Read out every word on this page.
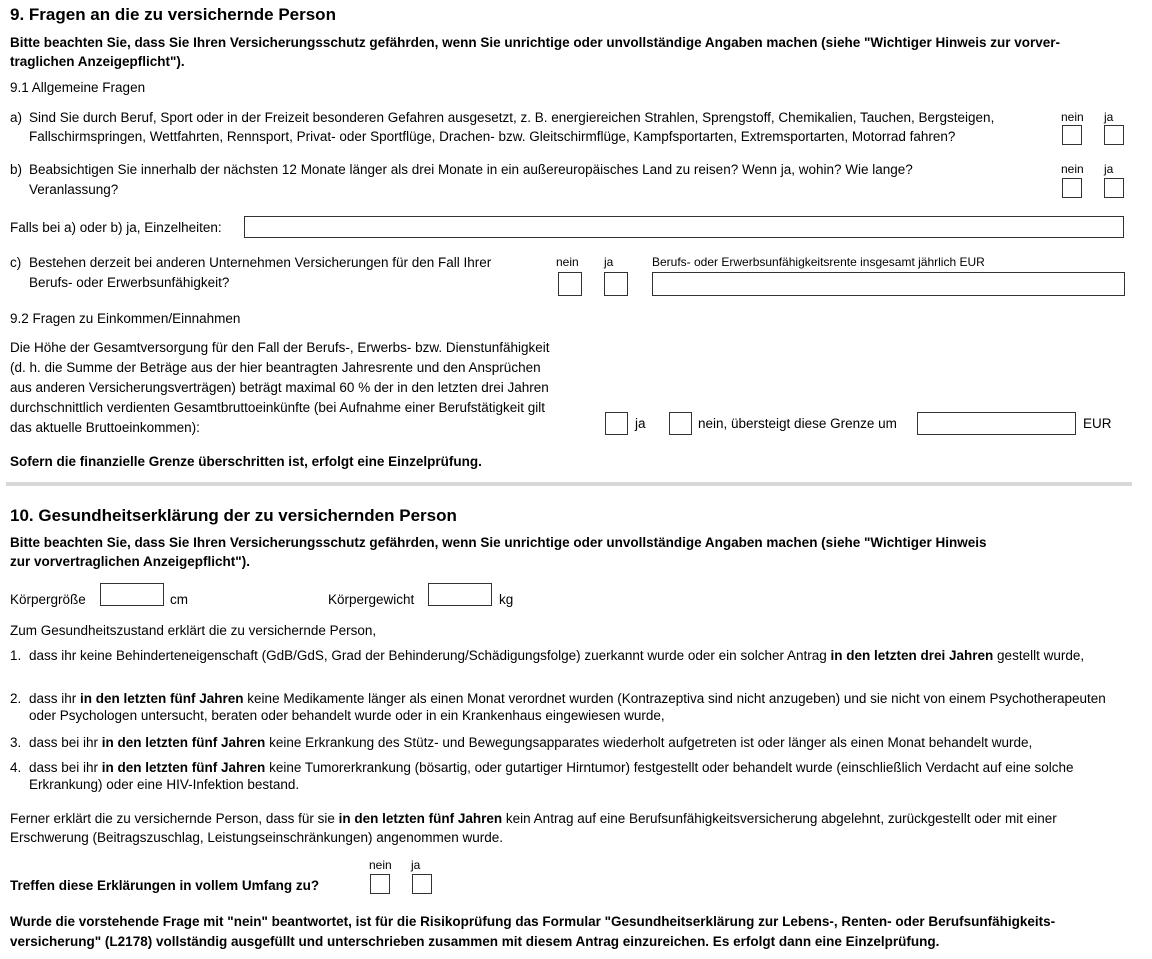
9. Fragen an die zu versichernde Person
Bitte beachten Sie, dass Sie Ihren Versicherungsschutz gefährden, wenn Sie unrichtige oder unvollständige Angaben machen (siehe "Wichtiger Hinweis zur vorver-
traglichen Anzeigepflicht").
9.1 Allgemeine Fragen
a) Sind Sie durch Beruf, Sport oder in der Freizeit besonderen Gefahren ausgesetzt, z. B. energiereichen Strahlen, Sprengstoff, Chemikalien, Tauchen, Bergsteigen,
Fallschirmspringen, Wettfahrten, Rennsport, Privat- oder Sportflüge, Drachen- bzw. Gleitschirmflüge, Kampfsportarten, Extremsportarten, Motorrad fahren?
nein ja
b) Beabsichtigen Sie innerhalb der nächsten 12 Monate länger als drei Monate in ein außereuropäisches Land zu reisen? Wenn ja, wohin? Wie lange?
Veranlassung?
nein ja
Falls bei a) oder b) ja, Einzelheiten:
c) Bestehen derzeit bei anderen Unternehmen Versicherungen für den Fall Ihrer
Berufs- oder Erwerbsunfähigkeit?
nein ja	Berufs- oder Erwerbsunfähigkeitsrente insgesamt jährlich EUR
9.2 Fragen zu Einkommen/Einnahmen
Die Höhe der Gesamtversorgung für den Fall der Berufs-, Erwerbs- bzw. Dienstunfähigkeit
(d. h. die Summe der Beträge aus der hier beantragten Jahresrente und den Ansprüchen
aus anderen Versicherungsverträgen) beträgt maximal 60 % der in den letzten drei Jahren
durchschnittlich verdienten Gesamtbruttoeinkünfte (bei Aufnahme einer Berufstätigkeit gilt
das aktuelle Bruttoeinkommen):	ja	nein, übersteigt diese Grenze um	EUR
Sofern die finanzielle Grenze überschritten ist, erfolgt eine Einzelprüfung.
10. Gesundheitserklärung der zu versichernden Person
Bitte beachten Sie, dass Sie Ihren Versicherungsschutz gefährden, wenn Sie unrichtige oder unvollständige Angaben machen (siehe "Wichtiger Hinweis
zur vorvertraglichen Anzeigepflicht").
Körpergröße	cm	Körpergewicht	kg
Zum Gesundheitszustand erklärt die zu versichernde Person,
1. dass ihr keine Behinderteneigenschaft (GdB/GdS, Grad der Behinderung/Schädigungsfolge) zuerkannt wurde oder ein solcher Antrag in den letzten drei Jahren gestellt wurde,
2. dass ihr in den letzten fünf Jahren keine Medikamente länger als einen Monat verordnet wurden (Kontrazeptiva sind nicht anzugeben) und sie nicht von einem Psychotherapeuten oder Psychologen untersucht, beraten oder behandelt wurde oder in ein Krankenhaus eingewiesen wurde,
3. dass bei ihr in den letzten fünf Jahren keine Erkrankung des Stütz- und Bewegungsapparates wiederholt aufgetreten ist oder länger als einen Monat behandelt wurde,
4. dass bei ihr in den letzten fünf Jahren keine Tumorerkrankung (bösartig, oder gutartiger Hirntumor) festgestellt oder behandelt wurde (einschließlich Verdacht auf eine solche Erkrankung) oder eine HIV-Infektion bestand.
Ferner erklärt die zu versichernde Person, dass für sie in den letzten fünf Jahren kein Antrag auf eine Berufsunfähigkeitsversicherung abgelehnt, zurückgestellt oder mit einer Erschwerung (Beitragszuschlag, Leistungseinschränkungen) angenommen wurde.
nein ja
Treffen diese Erklärungen in vollem Umfang zu?
Wurde die vorstehende Frage mit "nein" beantwortet, ist für die Risikoprüfung das Formular "Gesundheitserklärung zur Lebens-, Renten- oder Berufsunfähigkeits-
versicherung" (L2178) vollständig ausgefüllt und unterschrieben zusammen mit diesem Antrag einzureichen. Es erfolgt dann eine Einzelprüfung.
